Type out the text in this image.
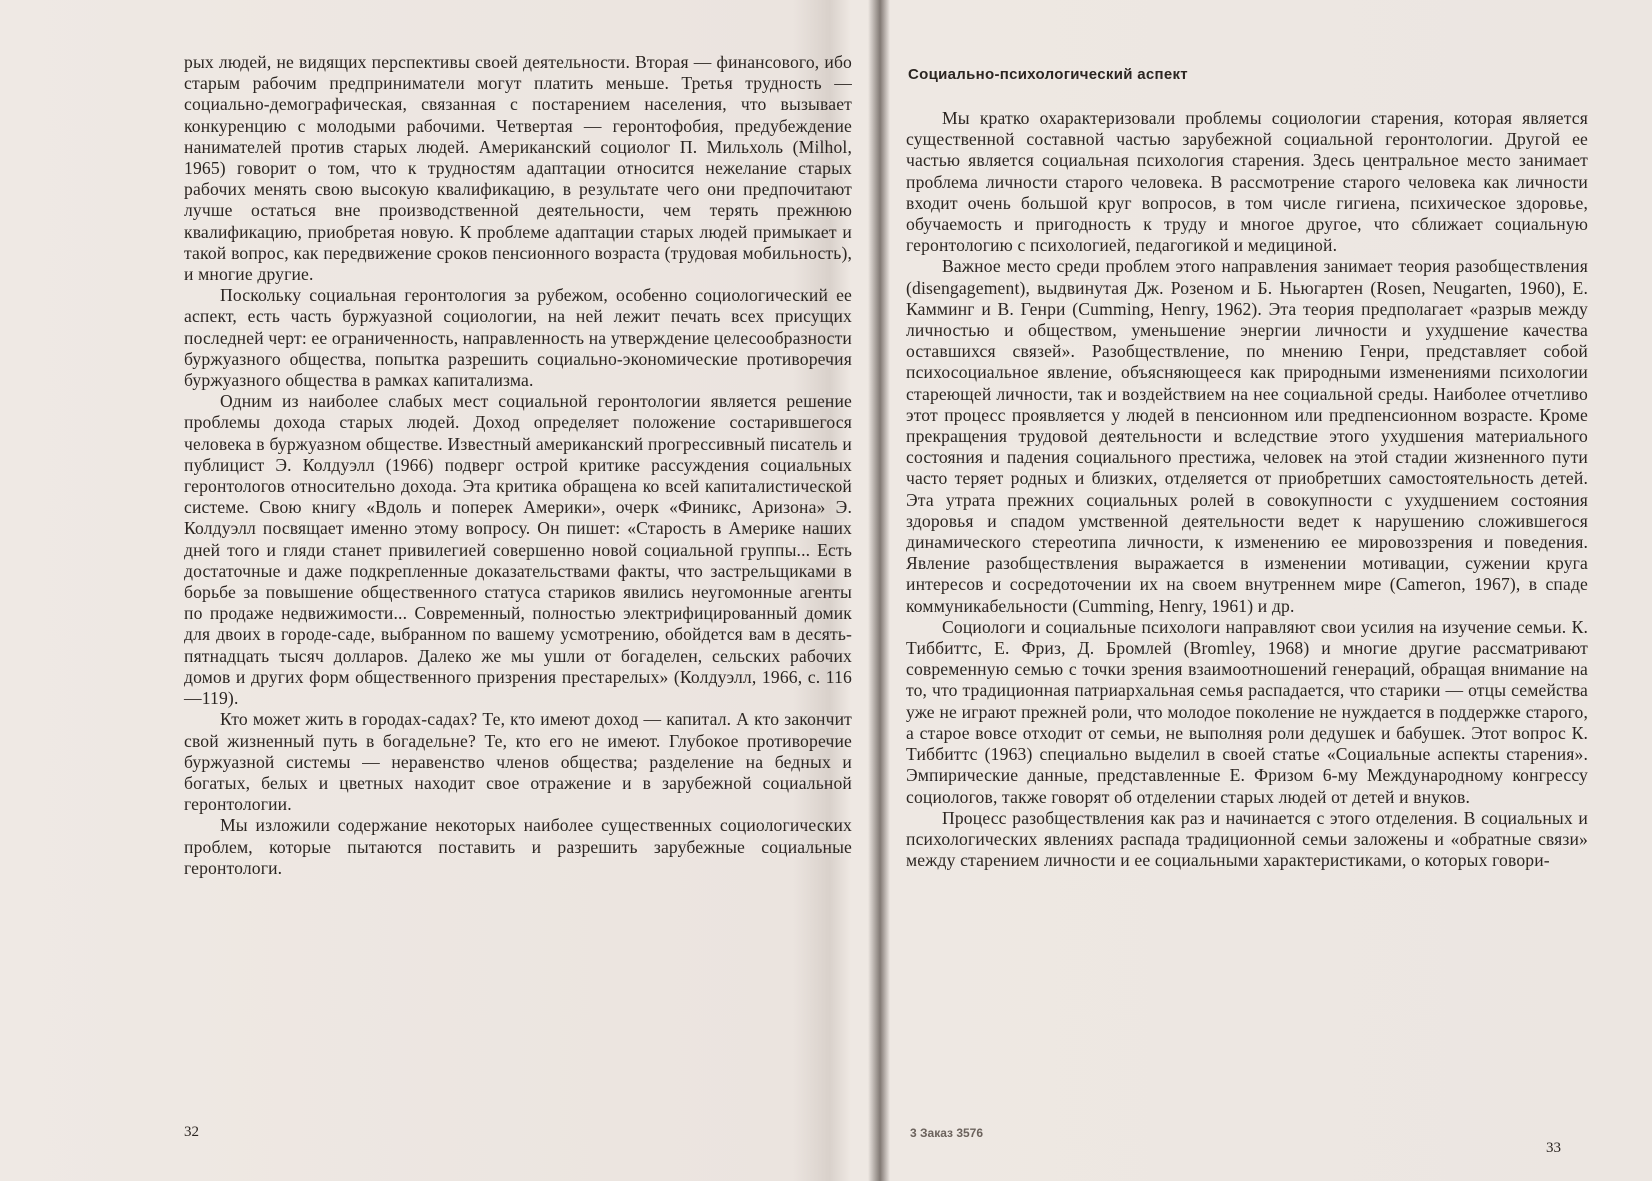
рых людей, не видящих перспективы своей деятельности. Вторая — финансового, ибо старым рабочим предприниматели могут платить меньше. Третья трудность — социально-демографическая, связанная с постарением населения, что вызывает конкуренцию с молодыми рабочими. Четвертая — геронтофобия, предубеждение нанимателей против старых людей. Американский социолог П. Мильхоль (Milhol, 1965) говорит о том, что к трудностям адаптации относится нежелание старых рабочих менять свою высокую квалификацию, в результате чего они предпочитают лучше остаться вне производственной деятельности, чем терять прежнюю квалификацию, приобретая новую. К проблеме адаптации старых людей примыкает и такой вопрос, как передвижение сроков пенсионного возраста (трудовая мобильность), и многие другие.

Поскольку социальная геронтология за рубежом, особенно социологический ее аспект, есть часть буржуазной социологии, на ней лежит печать всех присущих последней черт: ее ограниченность, направленность на утверждение целесообразности буржуазного общества, попытка разрешить социально-экономические противоречия буржуазного общества в рамках капитализма.

Одним из наиболее слабых мест социальной геронтологии является решение проблемы дохода старых людей. Доход определяет положение состарившегося человека в буржуазном обществе. Известный американский прогрессивный писатель и публицист Э. Колдуэлл (1966) подверг острой критике рассуждения социальных геронтологов относительно дохода. Эта критика обращена ко всей капиталистической системе. Свою книгу «Вдоль и поперек Америки», очерк «Финикс, Аризона» Э. Колдуэлл посвящает именно этому вопросу. Он пишет: «Старость в Америке наших дней того и гляди станет привилегией совершенно новой социальной группы... Есть достаточные и даже подкрепленные доказательствами факты, что застрельщиками в борьбе за повышение общественного статуса стариков явились неугомонные агенты по продаже недвижимости... Современный, полностью электрифицированный домик для двоих в городе-саде, выбранном по вашему усмотрению, обойдется вам в десять-пятнадцать тысяч долларов. Далеко же мы ушли от богаделен, сельских рабочих домов и других форм общественного призрения престарелых» (Колдуэлл, 1966, с. 116—119).

Кто может жить в городах-садах? Те, кто имеют доход — капитал. А кто закончит свой жизненный путь в богадельне? Те, кто его не имеют. Глубокое противоречие буржуазной системы — неравенство членов общества; разделение на бедных и богатых, белых и цветных находит свое отражение и в зарубежной социальной геронтологии.

Мы изложили содержание некоторых наиболее существенных социологических проблем, которые пытаются поставить и разрешить зарубежные социальные геронтологи.

32
Социально-психологический аспект

Мы кратко охарактеризовали проблемы социологии старения, которая является существенной составной частью зарубежной социальной геронтологии. Другой ее частью является социальная психология старения. Здесь центральное место занимает проблема личности старого человека. В рассмотрение старого человека как личности входит очень большой круг вопросов, в том числе гигиена, психическое здоровье, обучаемость и пригодность к труду и многое другое, что сближает социальную геронтологию с психологией, педагогикой и медициной.

Важное место среди проблем этого направления занимает теория разобществления (disengagement), выдвинутая Дж. Розеном и Б. Ньюгартен (Rosen, Neugarten, 1960), Е. Камминг и В. Генри (Cumming, Henry, 1962). Эта теория предполагает «разрыв между личностью и обществом, уменьшение энергии личности и ухудшение качества оставшихся связей». Разобществление, по мнению Генри, представляет собой психосоциальное явление, объясняющееся как природными изменениями психологии стареющей личности, так и воздействием на нее социальной среды. Наиболее отчетливо этот процесс проявляется у людей в пенсионном или предпенсионном возрасте. Кроме прекращения трудовой деятельности и вследствие этого ухудшения материального состояния и падения социального престижа, человек на этой стадии жизненного пути часто теряет родных и близких, отделяется от приобретших самостоятельность детей. Эта утрата прежних социальных ролей в совокупности с ухудшением состояния здоровья и спадом умственной деятельности ведет к нарушению сложившегося динамического стереотипа личности, к изменению ее мировоззрения и поведения. Явление разобществления выражается в изменении мотивации, сужении круга интересов и сосредоточении их на своем внутреннем мире (Cameron, 1967), в спаде коммуникабельности (Cumming, Henry, 1961) и др.

Социологи и социальные психологи направляют свои усилия на изучение семьи. К. Тиббиттс, Е. Фриз, Д. Бромлей (Bromley, 1968) и многие другие рассматривают современную семью с точки зрения взаимоотношений генераций, обращая внимание на то, что традиционная патриархальная семья распадается, что старики — отцы семейства уже не играют прежней роли, что молодое поколение не нуждается в поддержке старого, а старое вовсе отходит от семьи, не выполняя роли дедушек и бабушек. Этот вопрос К. Тиббиттс (1963) специально выделил в своей статье «Социальные аспекты старения». Эмпирические данные, представленные Е. Фризом 6-му Международному конгрессу социологов, также говорят об отделении старых людей от детей и внуков.

Процесс разобществления как раз и начинается с этого отделения. В социальных и психологических явлениях распада традиционной семьи заложены и «обратные связи» между старением личности и ее социальными характеристиками, о которых говори-

3 Заказ 3576
33
